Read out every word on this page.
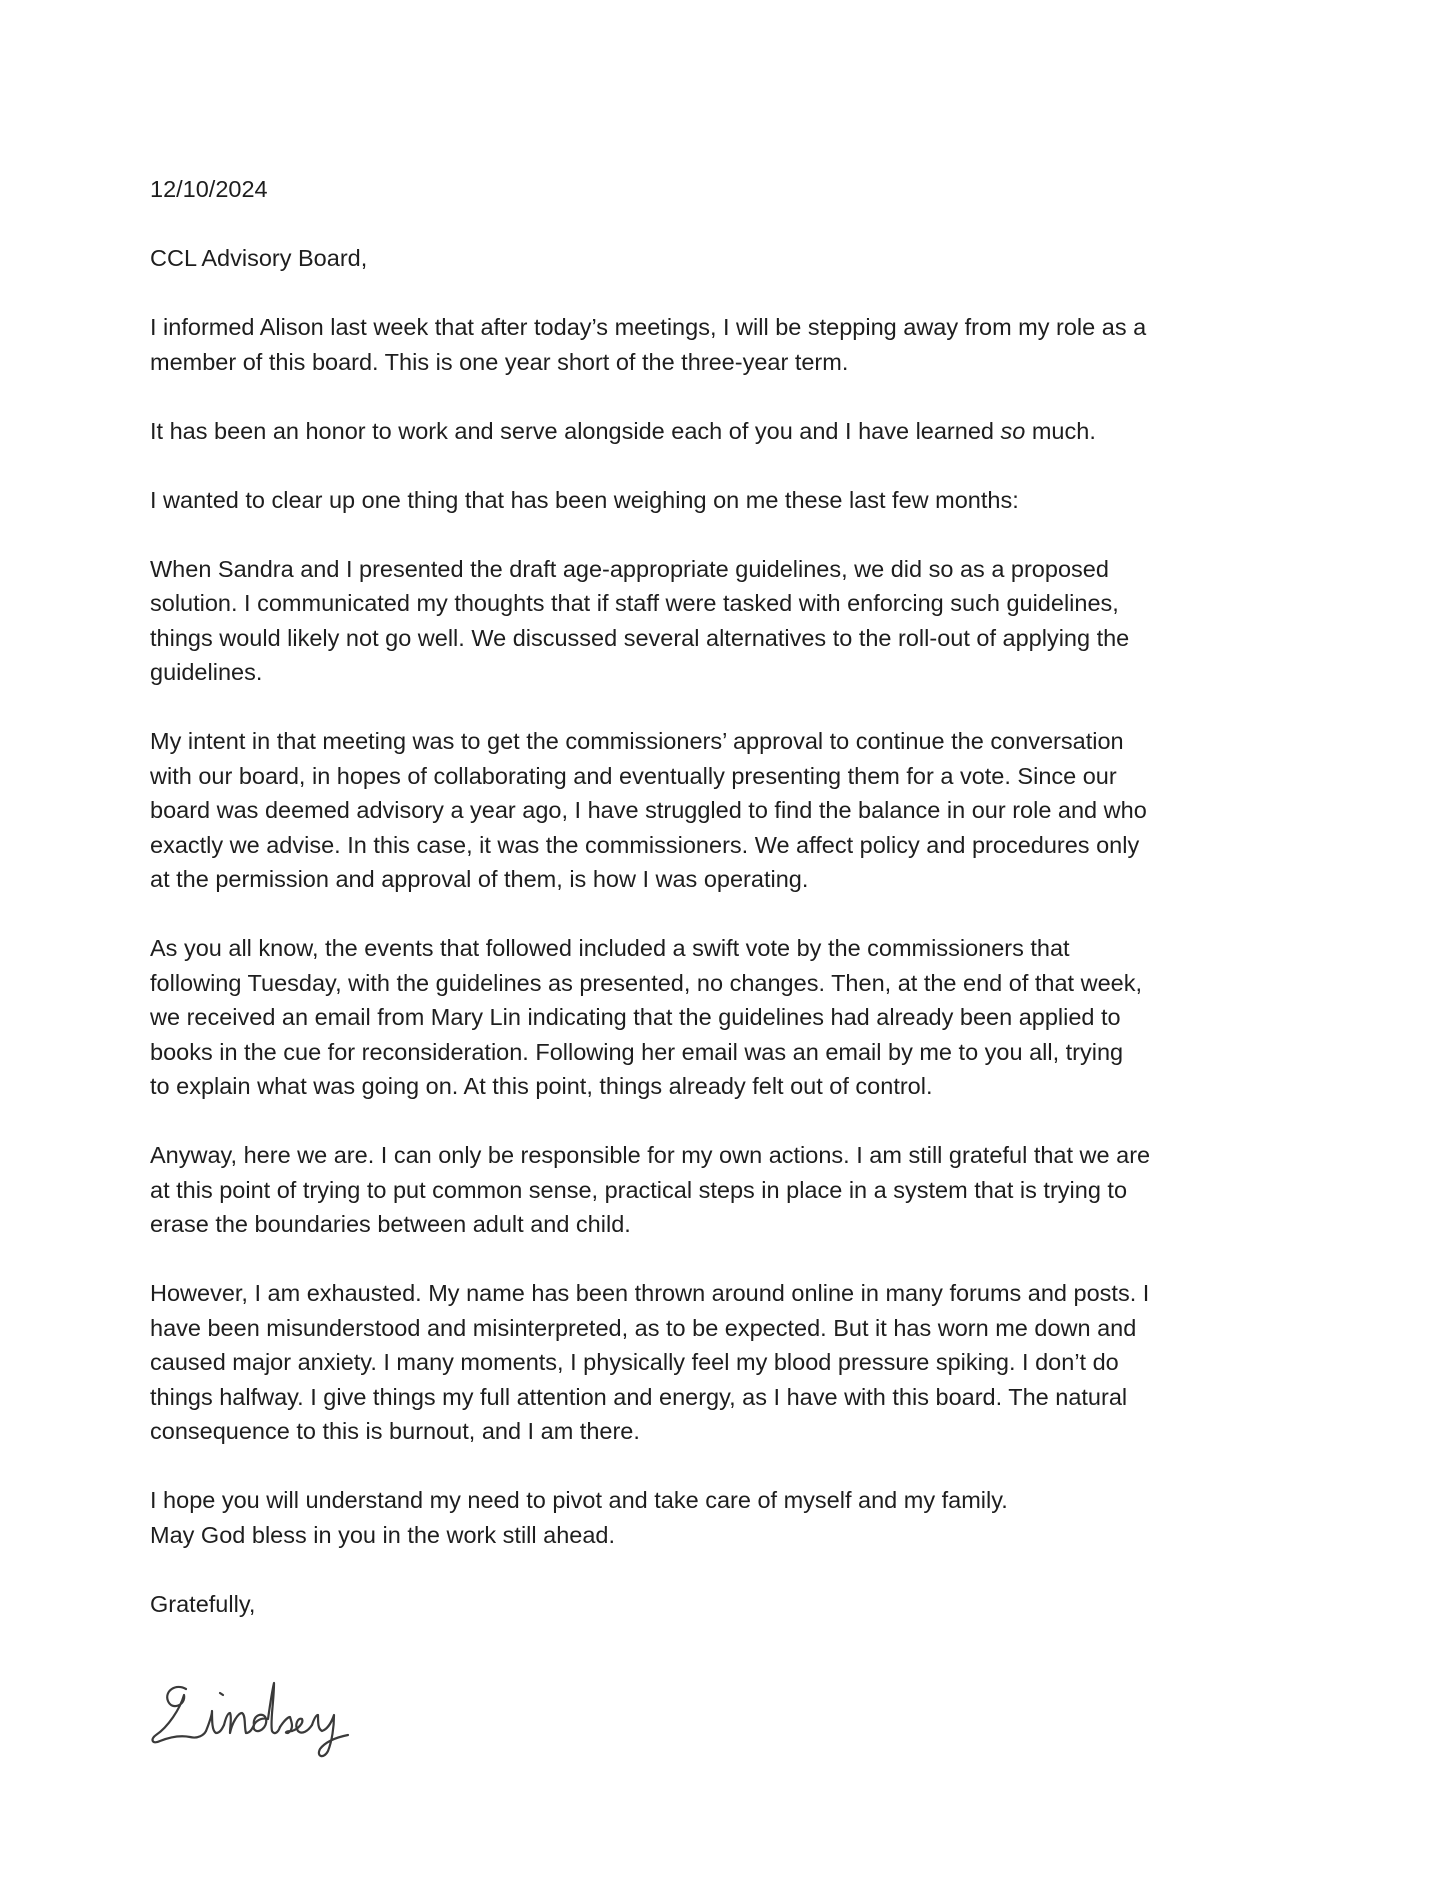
12/10/2024

CCL Advisory Board,

I informed Alison last week that after today’s meetings, I will be stepping away from my role as a
member of this board. This is one year short of the three-year term.

It has been an honor to work and serve alongside each of you and I have learned so much.

I wanted to clear up one thing that has been weighing on me these last few months:

When Sandra and I presented the draft age-appropriate guidelines, we did so as a proposed
solution. I communicated my thoughts that if staff were tasked with enforcing such guidelines,
things would likely not go well. We discussed several alternatives to the roll-out of applying the
guidelines.

My intent in that meeting was to get the commissioners’ approval to continue the conversation
with our board, in hopes of collaborating and eventually presenting them for a vote. Since our
board was deemed advisory a year ago, I have struggled to find the balance in our role and who
exactly we advise. In this case, it was the commissioners. We affect policy and procedures only
at the permission and approval of them, is how I was operating.

As you all know, the events that followed included a swift vote by the commissioners that
following Tuesday, with the guidelines as presented, no changes. Then, at the end of that week,
we received an email from Mary Lin indicating that the guidelines had already been applied to
books in the cue for reconsideration. Following her email was an email by me to you all, trying
to explain what was going on. At this point, things already felt out of control.

Anyway, here we are. I can only be responsible for my own actions. I am still grateful that we are
at this point of trying to put common sense, practical steps in place in a system that is trying to
erase the boundaries between adult and child.

However, I am exhausted. My name has been thrown around online in many forums and posts. I
have been misunderstood and misinterpreted, as to be expected. But it has worn me down and
caused major anxiety. I many moments, I physically feel my blood pressure spiking. I don’t do
things halfway. I give things my full attention and energy, as I have with this board. The natural
consequence to this is burnout, and I am there.

I hope you will understand my need to pivot and take care of myself and my family.
May God bless in you in the work still ahead.

Gratefully,
